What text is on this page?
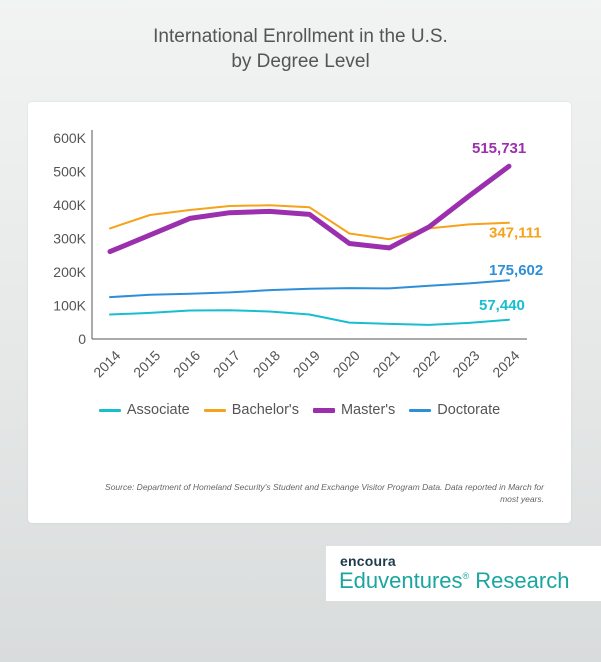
International Enrollment in the U.S.
by Degree Level
0
100K
200K
300K
400K
500K
600K
2014 2015 2016 2017 2018 2019 2020 2021 2022 2023 2024
57,440
347,111
515,731
175,602
Associate	Bachelor's	Master's	Doctorate
Source: Department of Homeland Security's Student and Exchange Visitor Program Data. Data reported in March for most years.
encoura
Eduventures® Research
